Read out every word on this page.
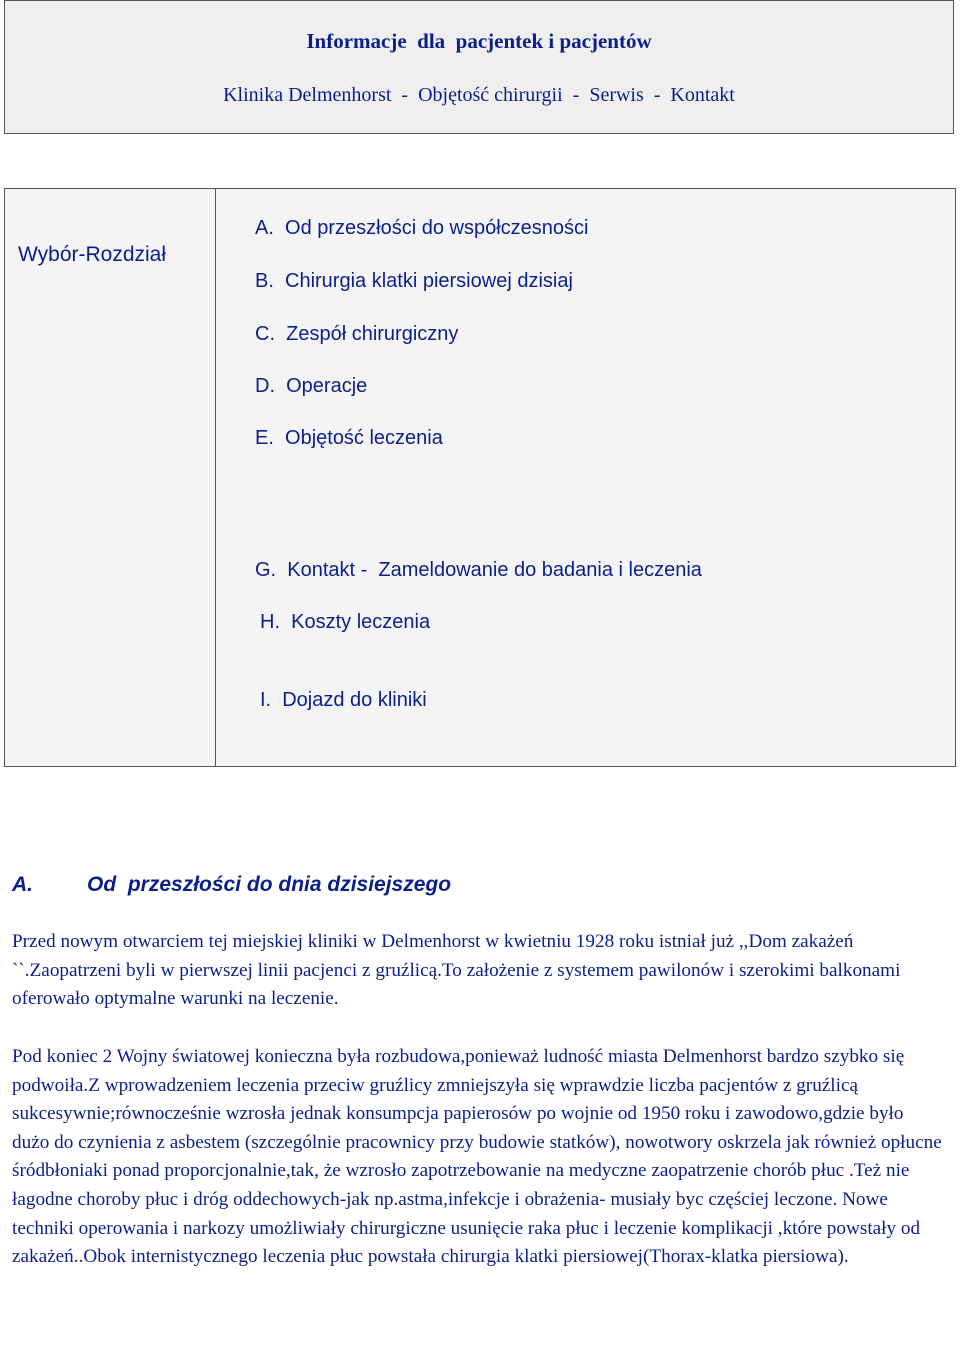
Informacje  dla  pacjentek i pacjentów
Klinika Delmenhorst  -  Objętość chirurgii  -  Serwis  -  Kontakt
Wybór-Rozdział
A.  Od przeszłości do współczesności
B.  Chirurgia klatki piersiowej dzisiaj
C.  Zespół chirurgiczny
D.  Operacje
E.  Objętość leczenia
G.  Kontakt -  Zameldowanie do badania i leczenia
H.  Koszty leczenia
I.  Dojazd do kliniki
A.	Od  przeszłości do dnia dzisiejszego
Przed nowym otwarciem tej miejskiej kliniki w Delmenhorst w kwietniu 1928 roku istniał już ,,Dom zakażeń ``.Zaopatrzeni byli w pierwszej linii pacjenci z gruźlicą.To założenie z systemem pawilonów i szerokimi balkonami oferowało optymalne warunki na leczenie.
Pod koniec 2 Wojny światowej konieczna była rozbudowa,ponieważ ludność miasta Delmenhorst bardzo szybko się podwoiła.Z wprowadzeniem leczenia przeciw gruźlicy zmniejszyła się wprawdzie liczba pacjentów z gruźlicą sukcesywnie;równocześnie wzrosła jednak konsumpcja papierosów po wojnie od 1950 roku i zawodowo,gdzie było dużo do czynienia z asbestem (szczególnie pracownicy przy budowie statków), nowotwory oskrzela jak również opłucne śródbłoniaki ponad proporcjonalnie,tak, że wzrosło zapotrzebowanie na medyczne zaopatrzenie chorób płuc .Też nie łagodne choroby płuc i dróg oddechowych-jak np.astma,infekcje i obrażenia- musiały byc częściej leczone. Nowe techniki operowania i narkozy umożliwiały chirurgiczne usunięcie raka płuc i leczenie komplikacji ,które powstały od zakażeń..Obok internistycznego leczenia płuc powstała chirurgia klatki piersiowej(Thorax-klatka piersiowa).
